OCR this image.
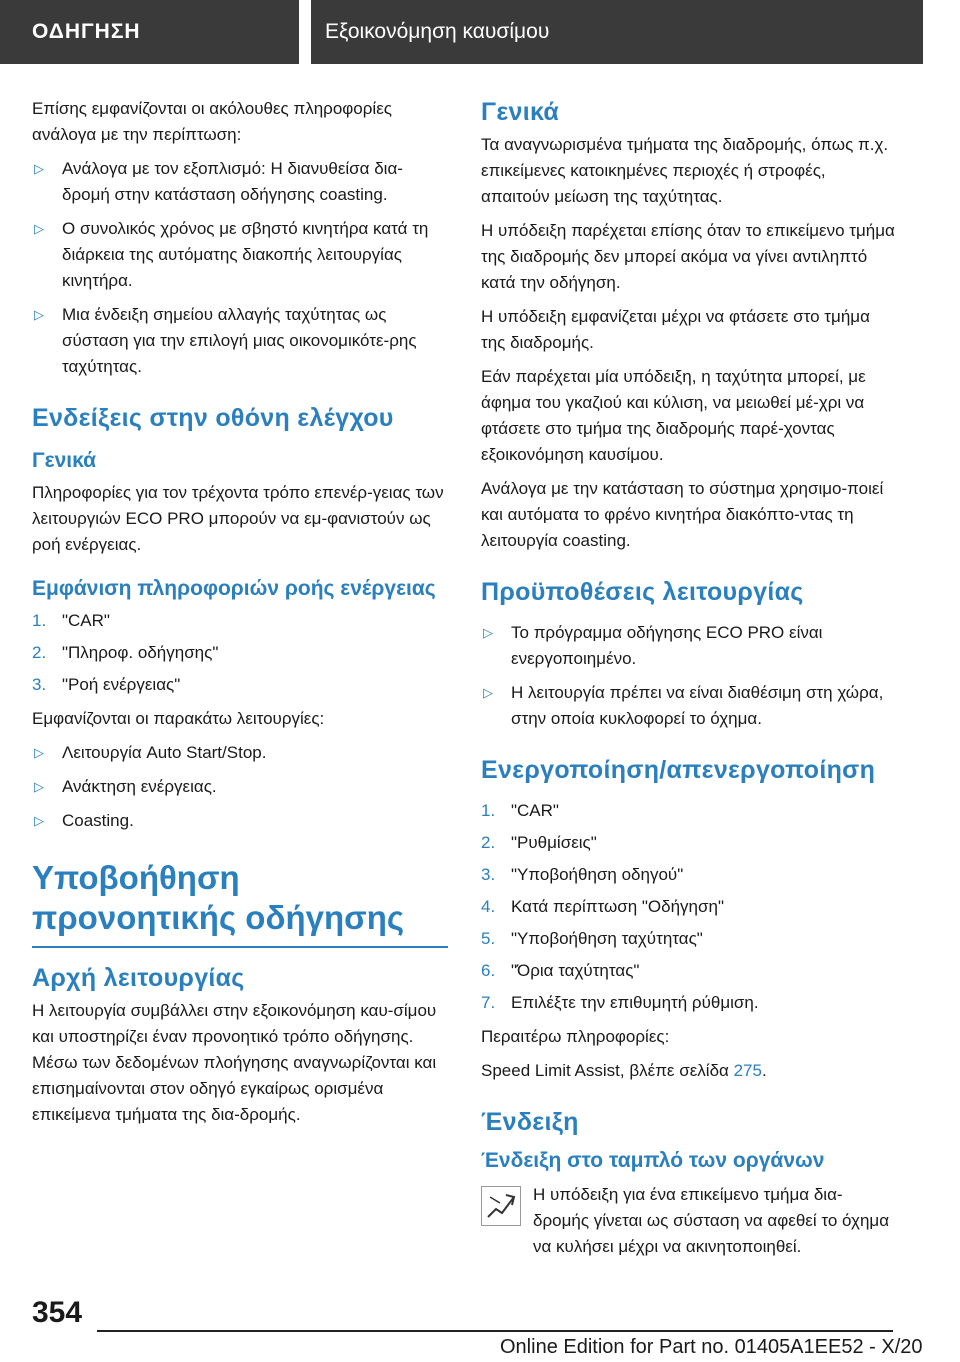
ΟΔΗΓΗΣΗ	Εξοικονόμηση καυσίμου

Επίσης εμφανίζονται οι ακόλουθες πληροφορίες ανάλογα με την περίπτωση:

▷ Ανάλογα με τον εξοπλισμό: Η διανυθείσα δια-δρομή στην κατάσταση οδήγησης coasting.
▷ Ο συνολικός χρόνος με σβηστό κινητήρα κατά τη διάρκεια της αυτόματης διακοπής λειτουργίας κινητήρα.
▷ Μια ένδειξη σημείου αλλαγής ταχύτητας ως σύσταση για την επιλογή μιας οικονομικότε-ρης ταχύτητας.
Ενδείξεις στην οθόνη ελέγχου
Γενικά

Πληροφορίες για τον τρέχοντα τρόπο επενέρ-γειας των λειτουργιών ECO PRO μπορούν να εμ-φανιστούν ως ροή ενέργειας.

Εμφάνιση πληροφοριών ροής ενέργειας
1. "CAR"
2. "Πληροφ. οδήγησης"
3. "Ροή ενέργειας"

Εμφανίζονται οι παρακάτω λειτουργίες:

▷ Λειτουργία Auto Start/Stop.
▷ Ανάκτηση ενέργειας.
▷ Coasting.
Υποβοήθηση προνοητικής οδήγησης
Αρχή λειτουργίας

Η λειτουργία συμβάλλει στην εξοικονόμηση καυ-σίμου και υποστηρίζει έναν προνοητικό τρόπο οδήγησης. Μέσω των δεδομένων πλοήγησης αναγνωρίζονται και επισημαίνονται στον οδηγό εγκαίρως ορισμένα επικείμενα τμήματα της δια-δρομής.

Γενικά

Τα αναγνωρισμένα τμήματα της διαδρομής, όπως π.χ. επικείμενες κατοικημένες περιοχές ή στροφές, απαιτούν μείωση της ταχύτητας.

Η υπόδειξη παρέχεται επίσης όταν το επικείμενο τμήμα της διαδρομής δεν μπορεί ακόμα να γίνει αντιληπτό κατά την οδήγηση.

Η υπόδειξη εμφανίζεται μέχρι να φτάσετε στο τμήμα της διαδρομής.

Εάν παρέχεται μία υπόδειξη, η ταχύτητα μπορεί, με άφημα του γκαζιού και κύλιση, να μειωθεί μέ-χρι να φτάσετε στο τμήμα της διαδρομής παρέ-χοντας εξοικονόμηση καυσίμου.

Ανάλογα με την κατάσταση το σύστημα χρησιμο-ποιεί και αυτόματα το φρένο κινητήρα διακόπτο-ντας τη λειτουργία coasting.

Προϋποθέσεις λειτουργίας
▷ Το πρόγραμμα οδήγησης ECO PRO είναι ενεργοποιημένο.
▷ Η λειτουργία πρέπει να είναι διαθέσιμη στη χώρα, στην οποία κυκλοφορεί το όχημα.
Ενεργοποίηση/απενεργοποίηση
1. "CAR"
2. "Ρυθμίσεις"
3. "Υποβοήθηση οδηγού"
4. Κατά περίπτωση "Οδήγηση"
5. "Υποβοήθηση ταχύτητας"
6. "Όρια ταχύτητας"
7. Επιλέξτε την επιθυμητή ρύθμιση.

Περαιτέρω πληροφορίες:

Speed Limit Assist, βλέπε σελίδα 275.

Ένδειξη
Ένδειξη στο ταμπλό των οργάνων

Η υπόδειξη για ένα επικείμενο τμήμα δια-δρομής γίνεται ως σύσταση να αφεθεί το όχημα να κυλήσει μέχρι να ακινητοποιηθεί.

354
Online Edition for Part no. 01405A1EE52 - X/20
